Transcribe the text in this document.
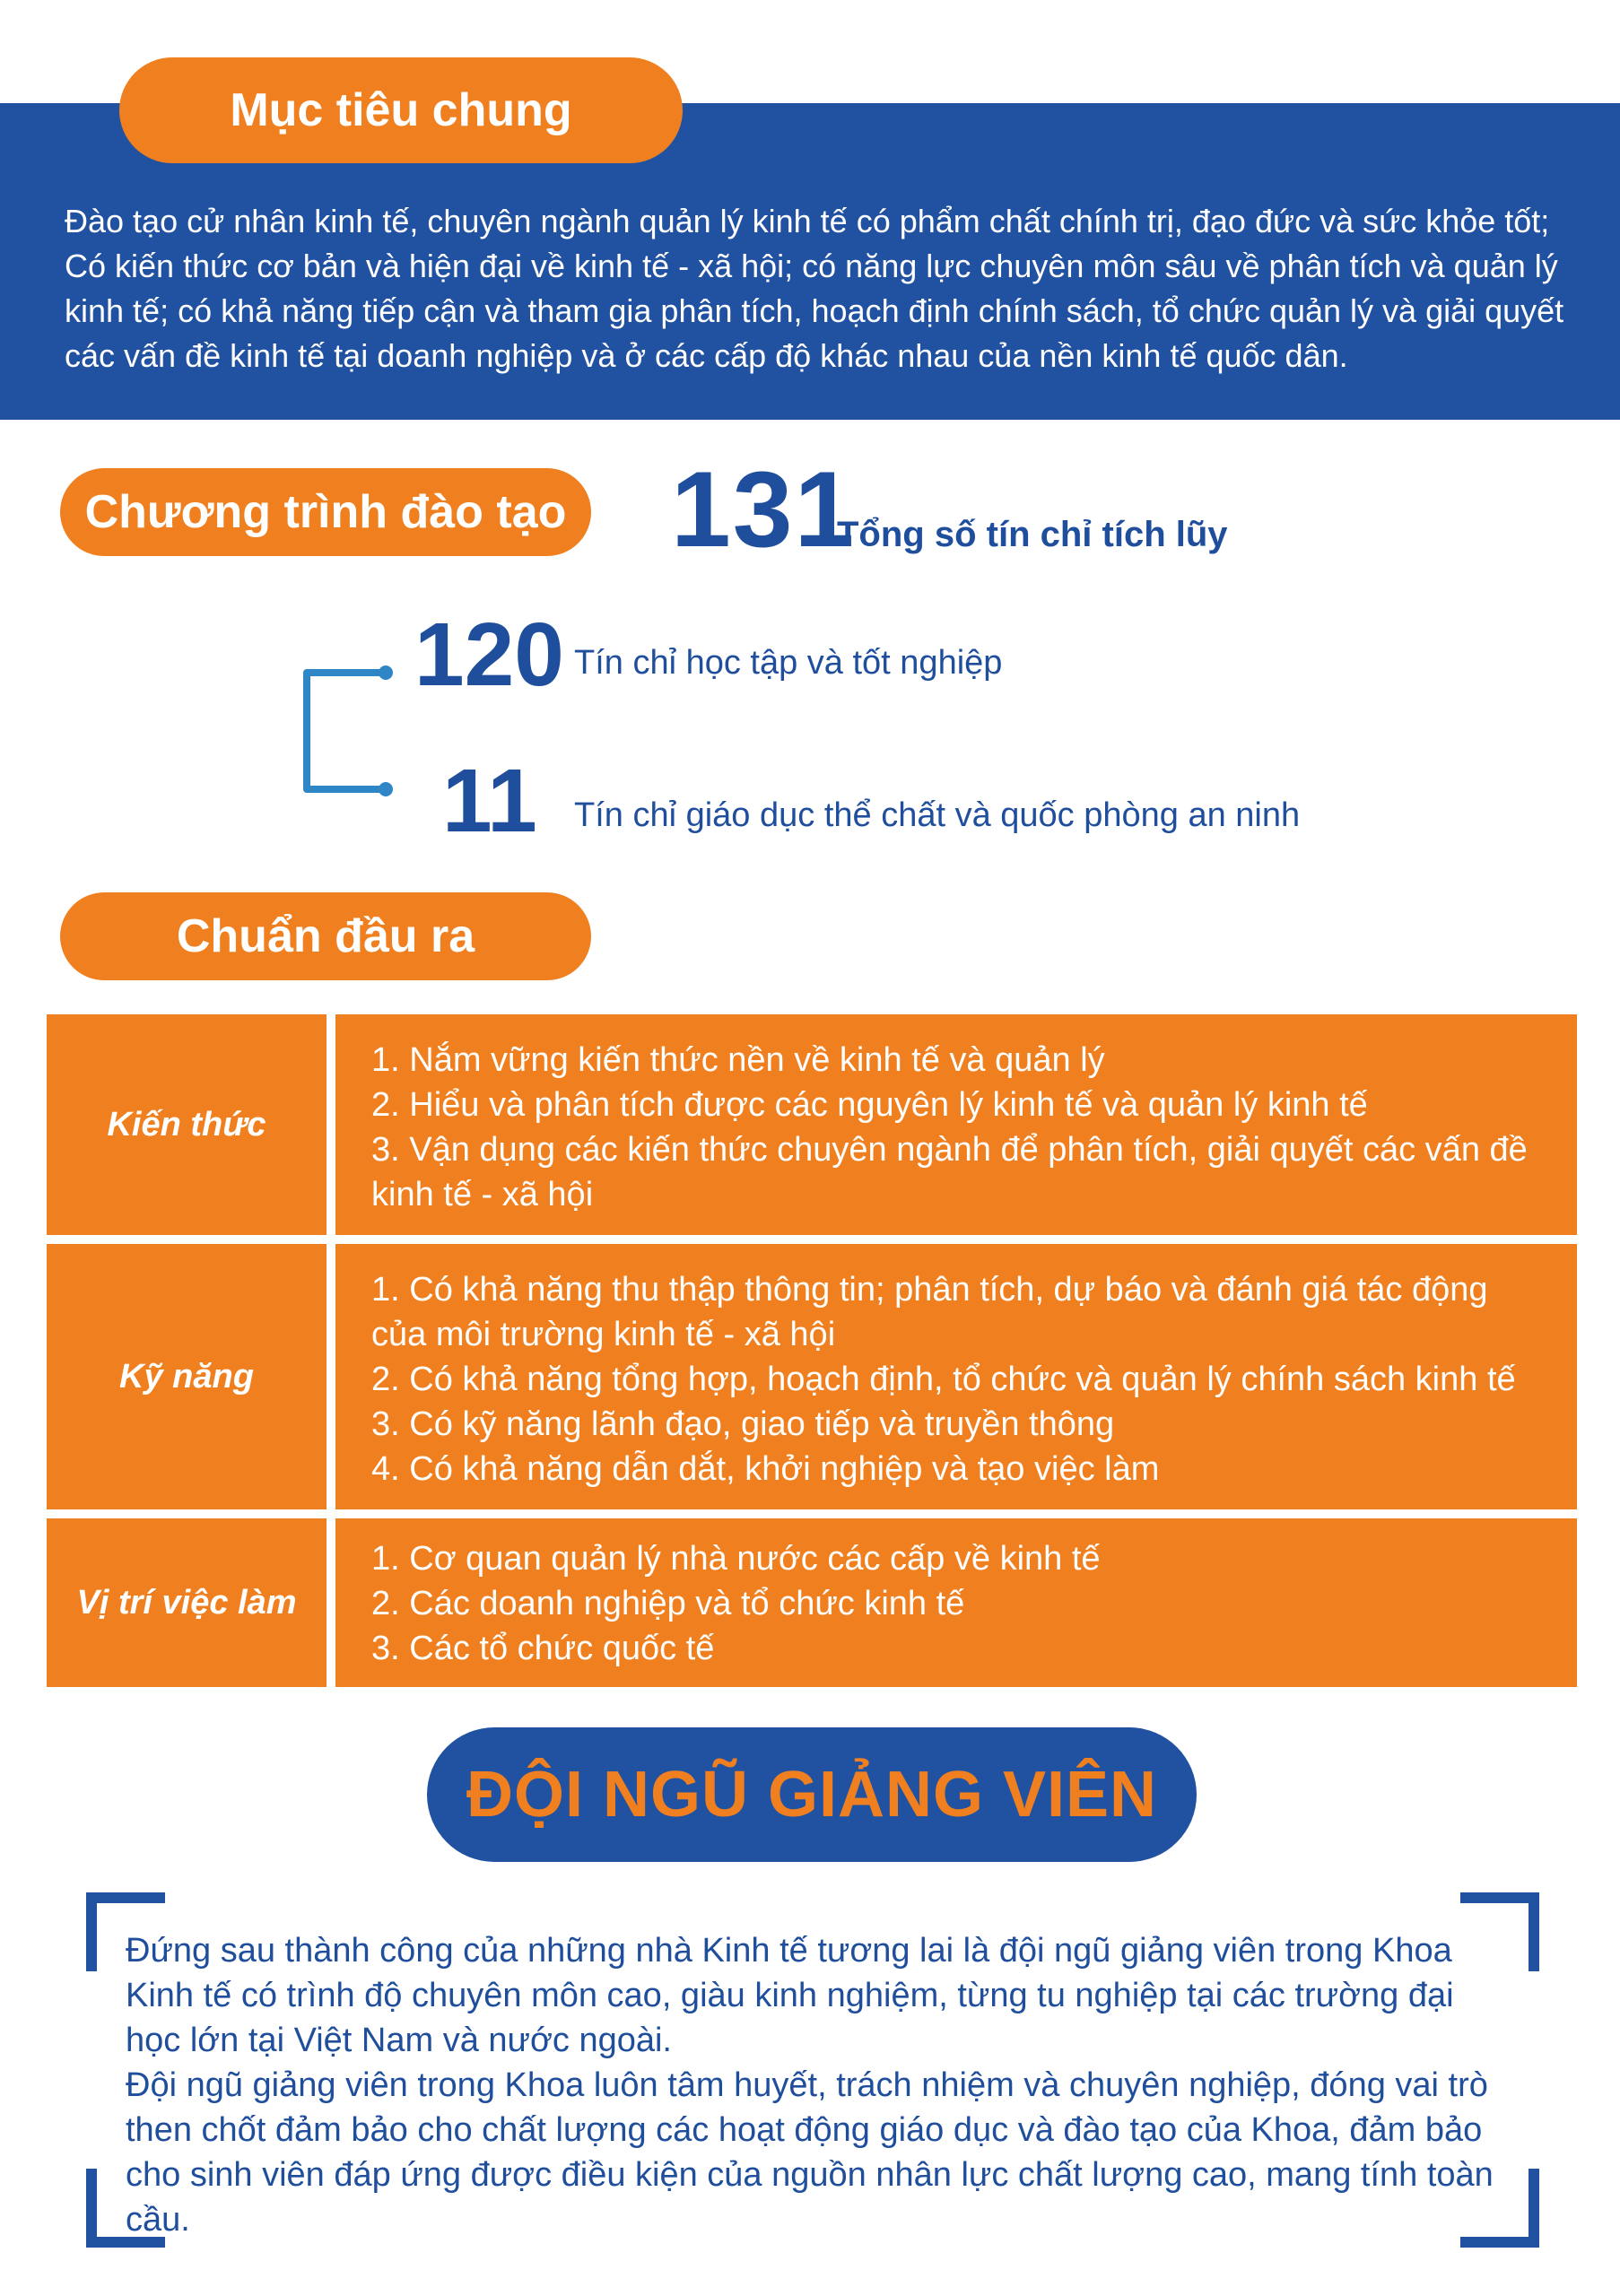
Mục tiêu chung
Đào tạo cử nhân kinh tế, chuyên ngành quản lý kinh tế có phẩm chất chính trị, đạo đức và sức khỏe tốt; Có kiến thức cơ bản và hiện đại về kinh tế - xã hội; có năng lực chuyên môn sâu về phân tích và quản lý kinh tế; có khả năng tiếp cận và tham gia phân tích, hoạch định chính sách, tổ chức quản lý và giải quyết các vấn đề kinh tế tại doanh nghiệp và ở các cấp độ khác nhau của nền kinh tế quốc dân.
Chương trình đào tạo 131
Tổng số tín chỉ tích lũy
120 Tín chỉ học tập và tốt nghiệp
11 Tín chỉ giáo dục thể chất và quốc phòng an ninh
Chuẩn đầu ra
Kiến thức
1. Nắm vững kiến thức nền về kinh tế và quản lý
2. Hiểu và phân tích được các nguyên lý kinh tế và quản lý kinh tế
3. Vận dụng các kiến thức chuyên ngành để phân tích, giải quyết các vấn đề kinh tế - xã hội
Kỹ năng
1. Có khả năng thu thập thông tin; phân tích, dự báo và đánh giá tác động của môi trường kinh tế - xã hội
2. Có khả năng tổng hợp, hoạch định, tổ chức và quản lý chính sách kinh tế
3. Có kỹ năng lãnh đạo, giao tiếp và truyền thông
4. Có khả năng dẫn dắt, khởi nghiệp và tạo việc làm
Vị trí việc làm
1. Cơ quan quản lý nhà nước các cấp về kinh tế
2. Các doanh nghiệp và tổ chức kinh tế
3. Các tổ chức quốc tế
ĐỘI NGŨ GIẢNG VIÊN

Đứng sau thành công của những nhà Kinh tế tương lai là đội ngũ giảng viên trong Khoa Kinh tế có trình độ chuyên môn cao, giàu kinh nghiệm, từng tu nghiệp tại các trường đại học lớn tại Việt Nam và nước ngoài.

Đội ngũ giảng viên trong Khoa luôn tâm huyết, trách nhiệm và chuyên nghiệp, đóng vai trò then chốt đảm bảo cho chất lượng các hoạt động giáo dục và đào tạo của Khoa, đảm bảo cho sinh viên đáp ứng được điều kiện của nguồn nhân lực chất lượng cao, mang tính toàn cầu.
